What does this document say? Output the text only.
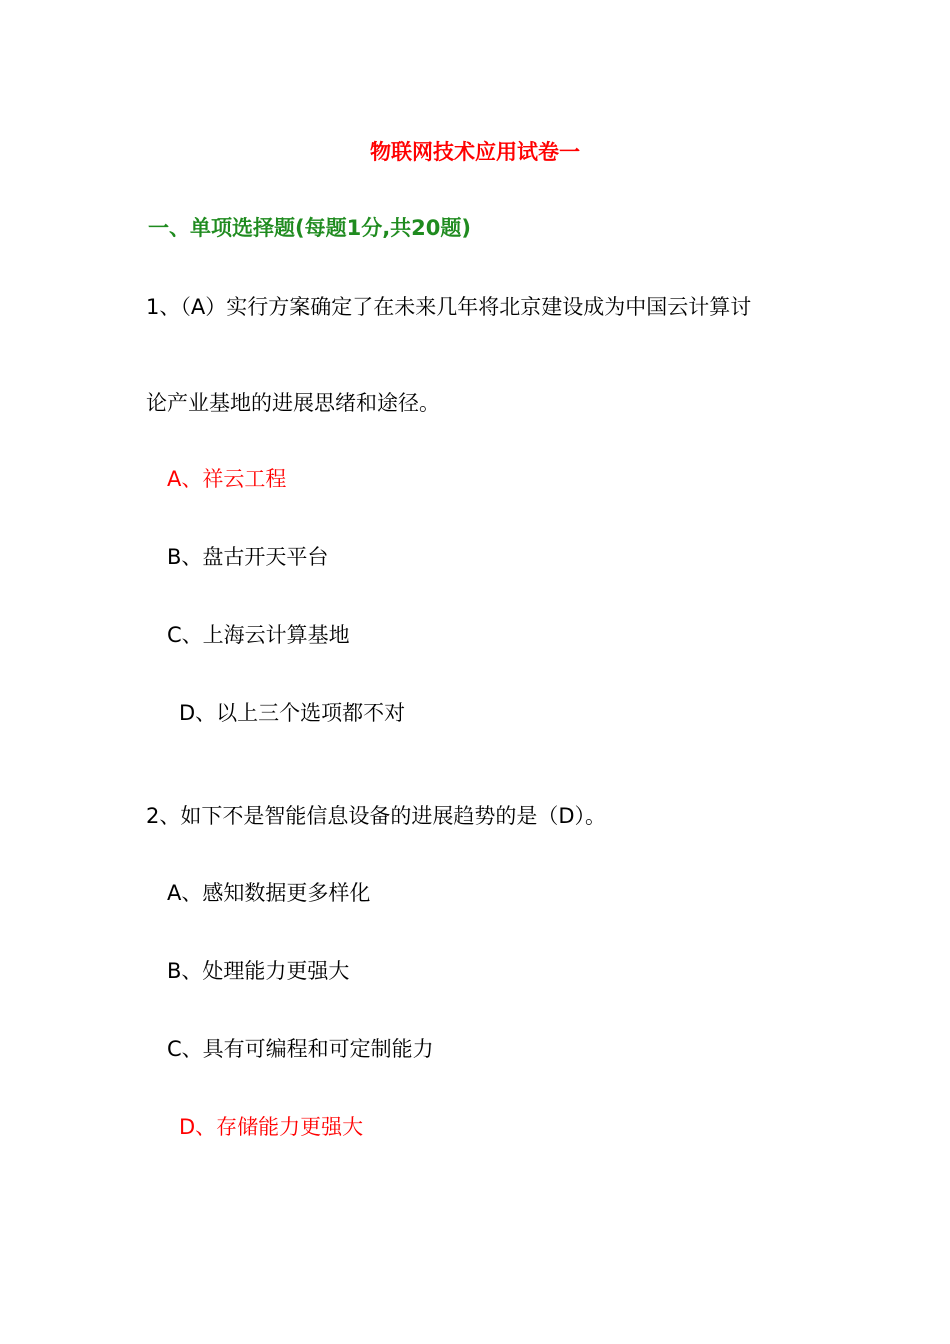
物联网技术应用试卷一
一、单项选择题(每题1分,共20题)
1、（A）实行方案确定了在未来几年将北京建设成为中国云计算讨
论产业基地的进展思绪和途径。
A、祥云工程
B、盘古开天平台
C、上海云计算基地
D、以上三个选项都不对
2、如下不是智能信息设备的进展趋势的是（D）。
A、感知数据更多样化
B、处理能力更强大
C、具有可编程和可定制能力
D、存储能力更强大
